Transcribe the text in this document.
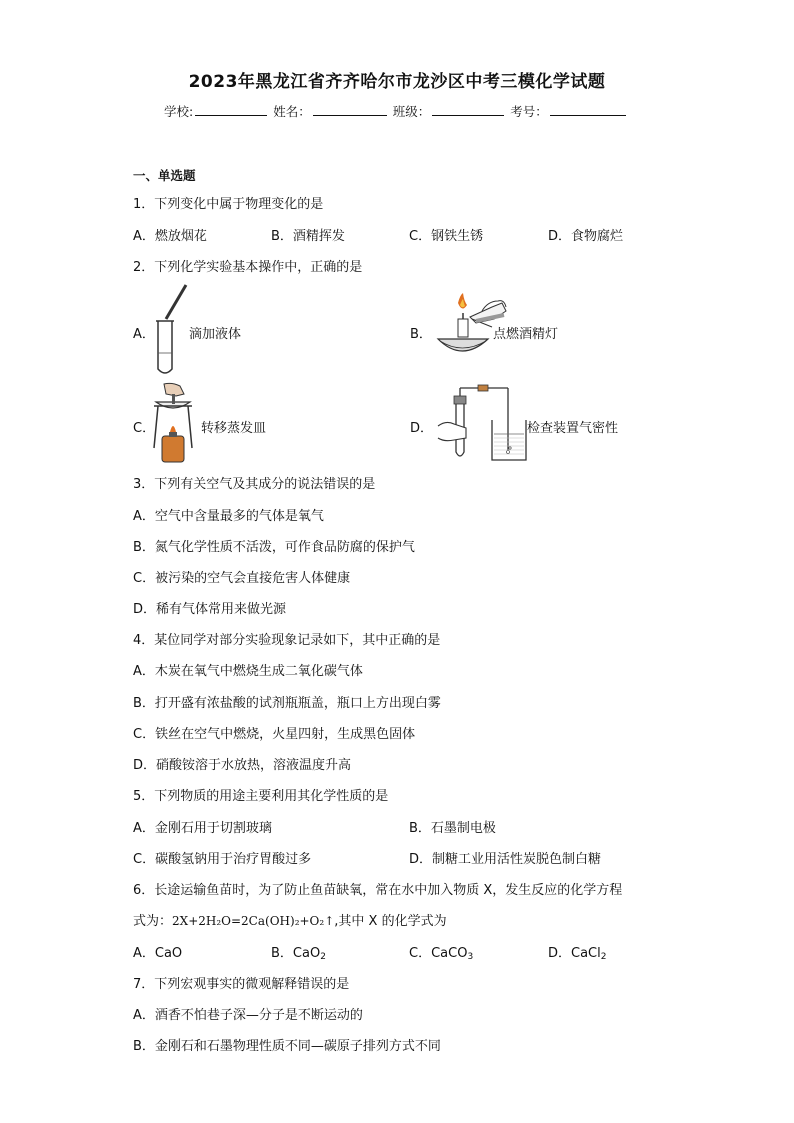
2023年黑龙江省齐齐哈尔市龙沙区中考三模化学试题
学校:	姓名：	班级：	考号：
一、单选题
1．下列变化中属于物理变化的是
A．燃放烟花	B．酒精挥发	C．钢铁生锈	D．食物腐烂
2．下列化学实验基本操作中，正确的是
A．	滴加液体	B．	点燃酒精灯
C．	转移蒸发皿	D．	检查装置气密性
3．下列有关空气及其成分的说法错误的是
A．空气中含量最多的气体是氧气
B．氮气化学性质不活泼，可作食品防腐的保护气
C．被污染的空气会直接危害人体健康
D．稀有气体常用来做光源
4．某位同学对部分实验现象记录如下，其中正确的是
A．木炭在氧气中燃烧生成二氧化碳气体
B．打开盛有浓盐酸的试剂瓶瓶盖，瓶口上方出现白雾
C．铁丝在空气中燃烧，火星四射，生成黑色固体
D．硝酸铵溶于水放热，溶液温度升高
5．下列物质的用途主要利用其化学性质的是
A．金刚石用于切割玻璃	B．石墨制电极
C．碳酸氢钠用于治疗胃酸过多	D．制糖工业用活性炭脱色制白糖
6．长途运输鱼苗时，为了防止鱼苗缺氧，常在水中加入物质 X，发生反应的化学方程
式为：2X+2H₂O=2Ca(OH)₂+O₂↑,其中 X 的化学式为
A．CaO	B．CaO$_2$	C．CaCO$_3$	D．CaCl$_2$
7．下列宏观事实的微观解释错误的是
A．酒香不怕巷子深—分子是不断运动的
B．金刚石和石墨物理性质不同—碳原子排列方式不同
